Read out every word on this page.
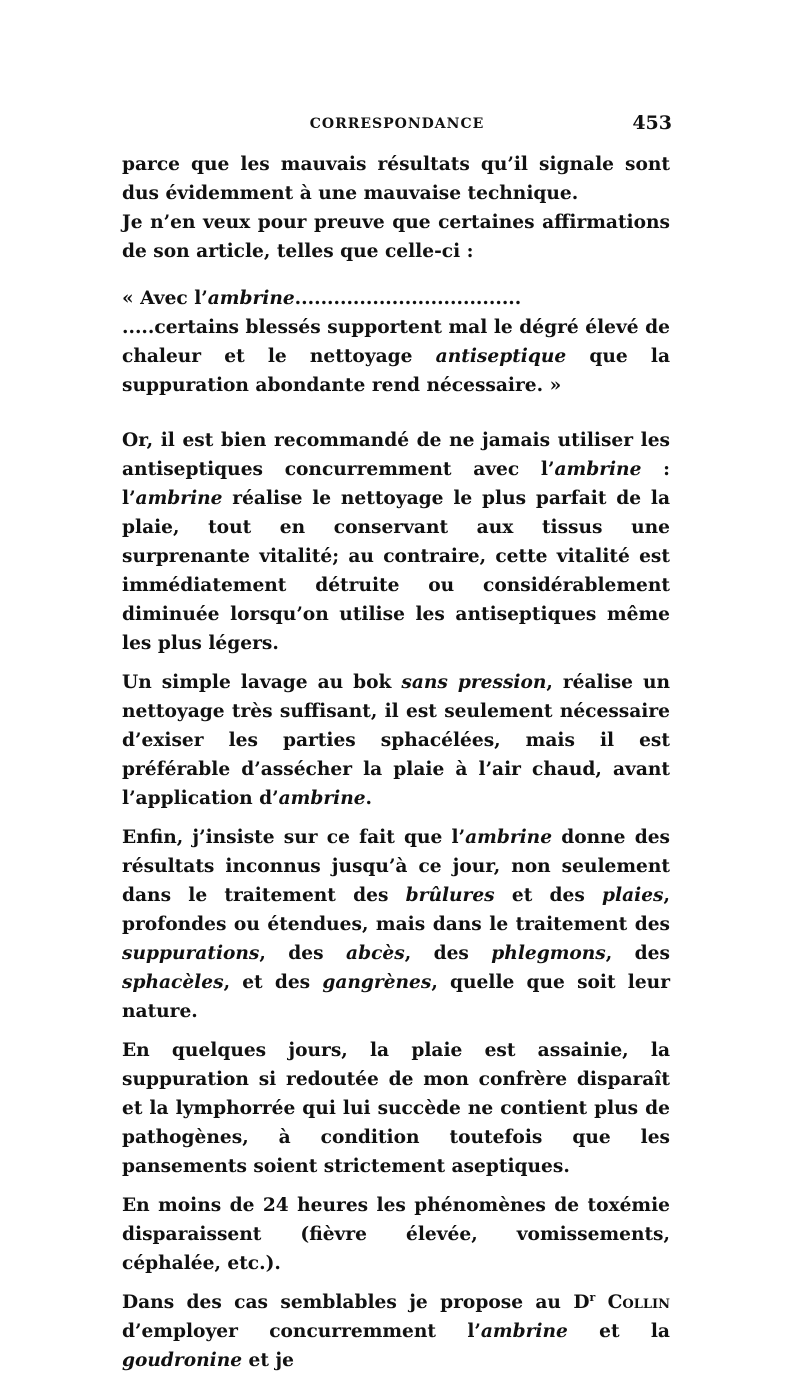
CORRESPONDANCE	453

parce que les mauvais résultats qu’il signale sont dus évidemment à une mauvaise technique.

Je n’en veux pour preuve que certaines affirmations de son article, telles que celle-ci :

« Avec l’ambrine...................................
.....certains blessés supportent mal le dégré élevé de chaleur et le nettoyage antiseptique que la suppuration abondante rend nécessaire. »

Or, il est bien recommandé de ne jamais utiliser les antiseptiques concurremment avec l’ambrine : l’ambrine réalise le nettoyage le plus parfait de la plaie, tout en conservant aux tissus une surprenante vitalité; au contraire, cette vitalité est immédiatement détruite ou considérablement diminuée lorsqu’on utilise les antiseptiques même les plus légers.

Un simple lavage au bok sans pression, réalise un nettoyage très suffisant, il est seulement nécessaire d’exiser les parties sphacélées, mais il est préférable d’assécher la plaie à l’air chaud, avant l’application d’ambrine.

Enfin, j’insiste sur ce fait que l’ambrine donne des résultats inconnus jusqu’à ce jour, non seulement dans le traitement des brûlures et des plaies, profondes ou étendues, mais dans le traitement des suppurations, des abcès, des phlegmons, des sphacèles, et des gangrènes, quelle que soit leur nature.

En quelques jours, la plaie est assainie, la suppuration si redoutée de mon confrère disparaît et la lymphorrée qui lui succède ne contient plus de pathogènes, à condition toutefois que les pansements soient strictement aseptiques.

En moins de 24 heures les phénomènes de toxémie disparaissent (fièvre élevée, vomissements, céphalée, etc.).

Dans des cas semblables je propose au $D^r$ Collin d’employer concurremment l’ambrine et la goudronine et je
